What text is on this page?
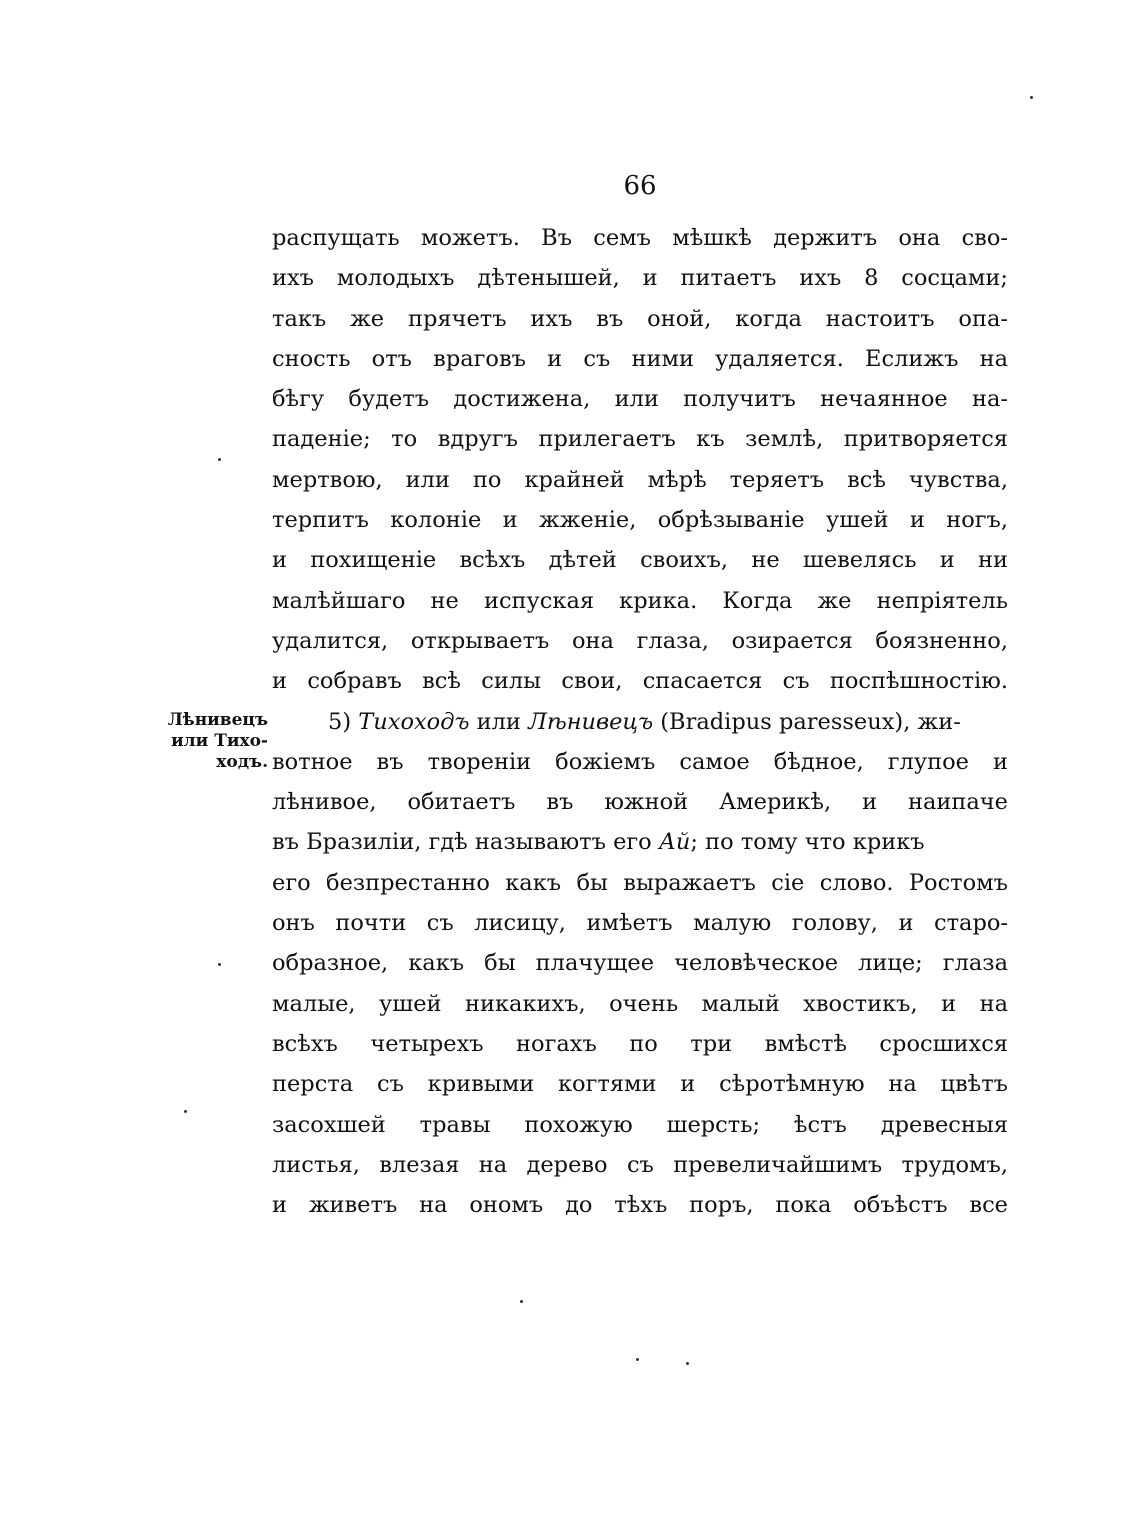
66
Лѣнивецъ
или Тихо-
ходъ.
распущать можетъ. Въ семъ мѣшкѣ держитъ она сво-
ихъ молодыхъ дѣтенышей, и питаетъ ихъ 8 сосцами;
такъ же прячетъ ихъ въ оной, когда настоитъ опа-
сность отъ враговъ и съ ними удаляется. Еслижъ на
бѣгу будетъ достижена, или получитъ нечаянное на-
паденіе; то вдругъ прилегаетъ къ землѣ, притворяется
мертвою, или по крайней мѣрѣ теряетъ всѣ чувства,
терпитъ колоніе и жженіе, обрѣзываніе ушей и ногъ,
и похищеніе всѣхъ дѣтей своихъ, не шевелясь и ни
малѣйшаго не испуская крика. Когда же непріятель
удалится, открываетъ она глаза, озирается боязненно,
и собравъ всѣ силы свои, спасается съ поспѣшностію.
5) Тихоходъ или Лѣнивецъ (Bradipus paresseux), жи-
вотное въ твореніи божіемъ самое бѣдное, глупое и
лѣнивое, обитаетъ въ южной Америкѣ, и наипаче
въ Бразиліи, гдѣ называютъ его Ай; по тому что крикъ
его безпрестанно какъ бы выражаетъ сіе слово. Ростомъ
онъ почти съ лисицу, имѣетъ малую голову, и старо-
образное, какъ бы плачущее человѣческое лице; глаза
малые, ушей никакихъ, очень малый хвостикъ, и на
всѣхъ четырехъ ногахъ по три вмѣстѣ сросшихся
перста съ кривыми когтями и сѣротѣмную на цвѣтъ
засохшей травы похожую шерсть; ѣстъ древесныя
листья, влезая на дерево съ превеличайшимъ трудомъ,
и живетъ на ономъ до тѣхъ поръ, пока объѣстъ все
